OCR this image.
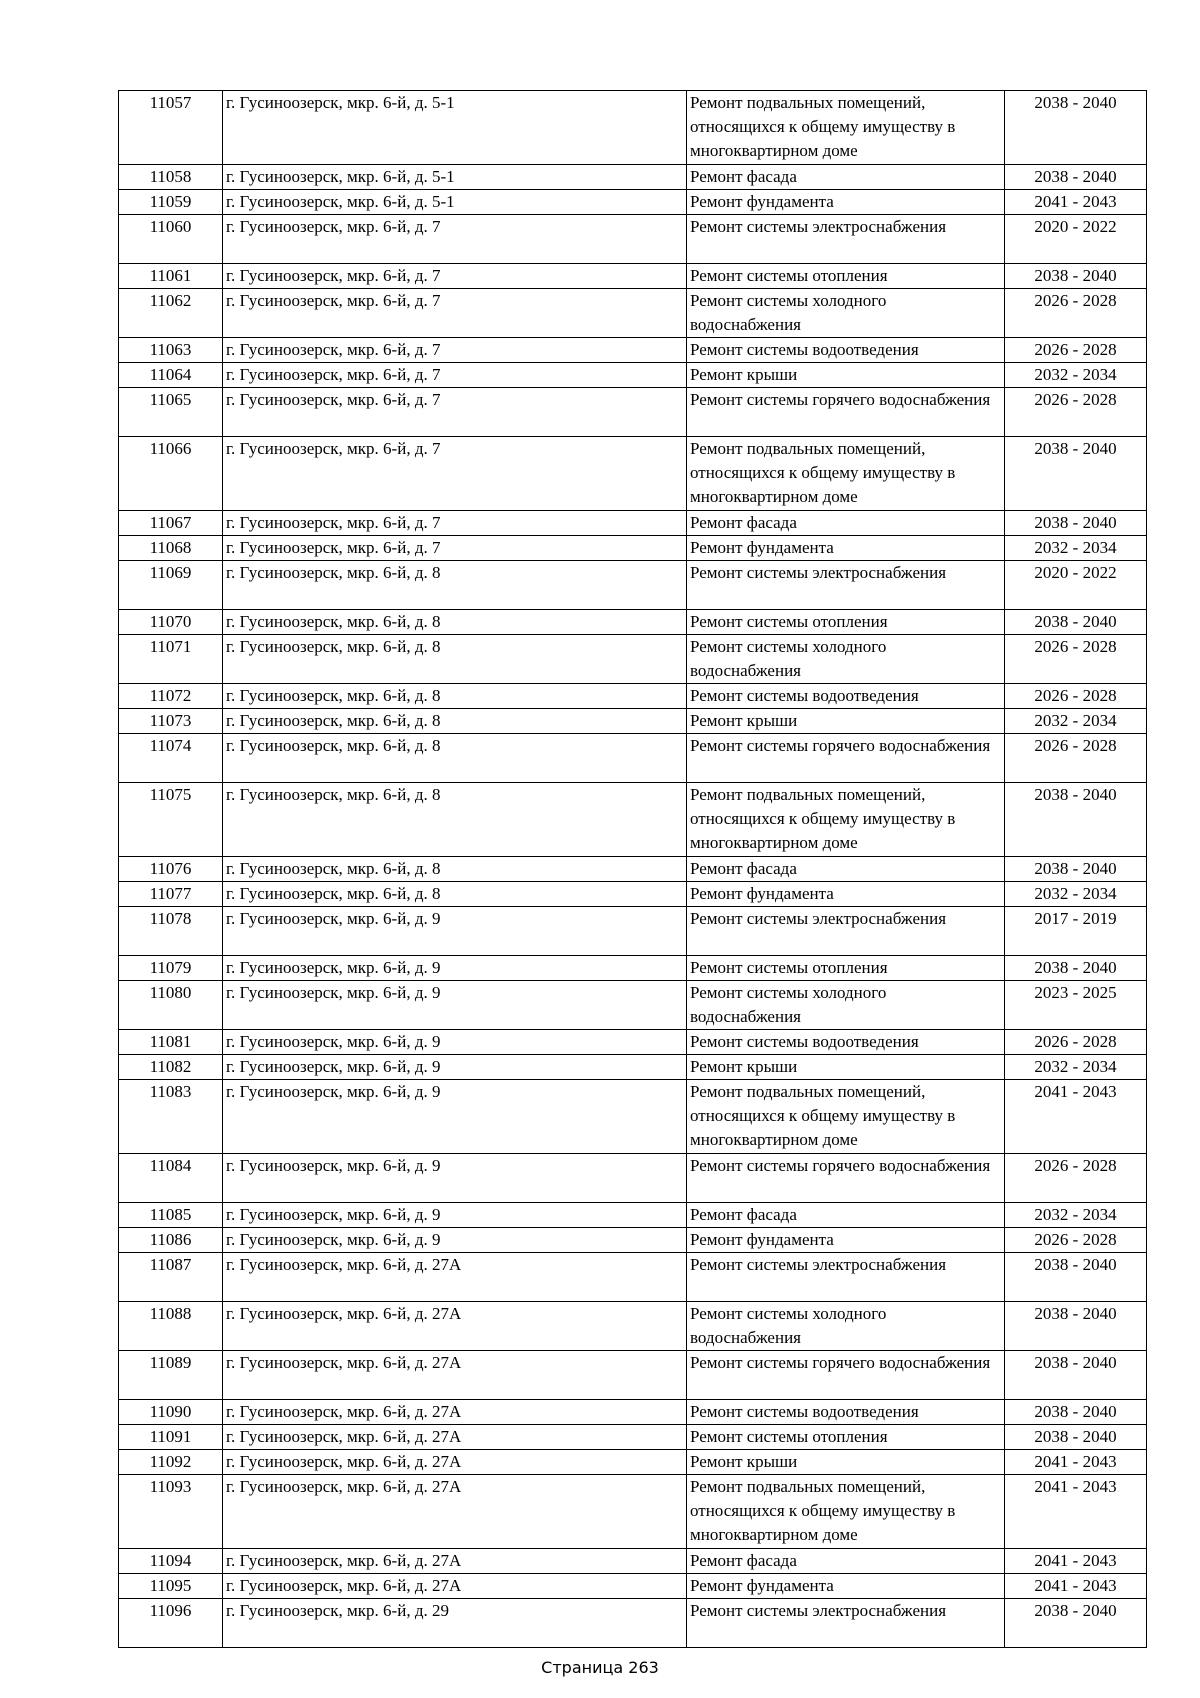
11057	г. Гусиноозерск, мкр. 6-й, д. 5-1	Ремонт подвальных помещений, относящихся к общему имуществу в многоквартирном доме	2038 - 2040
11058	г. Гусиноозерск, мкр. 6-й, д. 5-1	Ремонт фасада	2038 - 2040
11059	г. Гусиноозерск, мкр. 6-й, д. 5-1	Ремонт фундамента	2041 - 2043
11060	г. Гусиноозерск, мкр. 6-й, д. 7	Ремонт системы электроснабжения	2020 - 2022
11061	г. Гусиноозерск, мкр. 6-й, д. 7	Ремонт системы отопления	2038 - 2040
11062	г. Гусиноозерск, мкр. 6-й, д. 7	Ремонт системы холодного водоснабжения	2026 - 2028
11063	г. Гусиноозерск, мкр. 6-й, д. 7	Ремонт системы водоотведения	2026 - 2028
11064	г. Гусиноозерск, мкр. 6-й, д. 7	Ремонт крыши	2032 - 2034
11065	г. Гусиноозерск, мкр. 6-й, д. 7	Ремонт системы горячего водоснабжения	2026 - 2028
11066	г. Гусиноозерск, мкр. 6-й, д. 7	Ремонт подвальных помещений, относящихся к общему имуществу в многоквартирном доме	2038 - 2040
11067	г. Гусиноозерск, мкр. 6-й, д. 7	Ремонт фасада	2038 - 2040
11068	г. Гусиноозерск, мкр. 6-й, д. 7	Ремонт фундамента	2032 - 2034
11069	г. Гусиноозерск, мкр. 6-й, д. 8	Ремонт системы электроснабжения	2020 - 2022
11070	г. Гусиноозерск, мкр. 6-й, д. 8	Ремонт системы отопления	2038 - 2040
11071	г. Гусиноозерск, мкр. 6-й, д. 8	Ремонт системы холодного водоснабжения	2026 - 2028
11072	г. Гусиноозерск, мкр. 6-й, д. 8	Ремонт системы водоотведения	2026 - 2028
11073	г. Гусиноозерск, мкр. 6-й, д. 8	Ремонт крыши	2032 - 2034
11074	г. Гусиноозерск, мкр. 6-й, д. 8	Ремонт системы горячего водоснабжения	2026 - 2028
11075	г. Гусиноозерск, мкр. 6-й, д. 8	Ремонт подвальных помещений, относящихся к общему имуществу в многоквартирном доме	2038 - 2040
11076	г. Гусиноозерск, мкр. 6-й, д. 8	Ремонт фасада	2038 - 2040
11077	г. Гусиноозерск, мкр. 6-й, д. 8	Ремонт фундамента	2032 - 2034
11078	г. Гусиноозерск, мкр. 6-й, д. 9	Ремонт системы электроснабжения	2017 - 2019
11079	г. Гусиноозерск, мкр. 6-й, д. 9	Ремонт системы отопления	2038 - 2040
11080	г. Гусиноозерск, мкр. 6-й, д. 9	Ремонт системы холодного водоснабжения	2023 - 2025
11081	г. Гусиноозерск, мкр. 6-й, д. 9	Ремонт системы водоотведения	2026 - 2028
11082	г. Гусиноозерск, мкр. 6-й, д. 9	Ремонт крыши	2032 - 2034
11083	г. Гусиноозерск, мкр. 6-й, д. 9	Ремонт подвальных помещений, относящихся к общему имуществу в многоквартирном доме	2041 - 2043
11084	г. Гусиноозерск, мкр. 6-й, д. 9	Ремонт системы горячего водоснабжения	2026 - 2028
11085	г. Гусиноозерск, мкр. 6-й, д. 9	Ремонт фасада	2032 - 2034
11086	г. Гусиноозерск, мкр. 6-й, д. 9	Ремонт фундамента	2026 - 2028
11087	г. Гусиноозерск, мкр. 6-й, д. 27А	Ремонт системы электроснабжения	2038 - 2040
11088	г. Гусиноозерск, мкр. 6-й, д. 27А	Ремонт системы холодного водоснабжения	2038 - 2040
11089	г. Гусиноозерск, мкр. 6-й, д. 27А	Ремонт системы горячего водоснабжения	2038 - 2040
11090	г. Гусиноозерск, мкр. 6-й, д. 27А	Ремонт системы водоотведения	2038 - 2040
11091	г. Гусиноозерск, мкр. 6-й, д. 27А	Ремонт системы отопления	2038 - 2040
11092	г. Гусиноозерск, мкр. 6-й, д. 27А	Ремонт крыши	2041 - 2043
11093	г. Гусиноозерск, мкр. 6-й, д. 27А	Ремонт подвальных помещений, относящихся к общему имуществу в многоквартирном доме	2041 - 2043
11094	г. Гусиноозерск, мкр. 6-й, д. 27А	Ремонт фасада	2041 - 2043
11095	г. Гусиноозерск, мкр. 6-й, д. 27А	Ремонт фундамента	2041 - 2043
11096	г. Гусиноозерск, мкр. 6-й, д. 29	Ремонт системы электроснабжения	2038 - 2040
Страница 263
